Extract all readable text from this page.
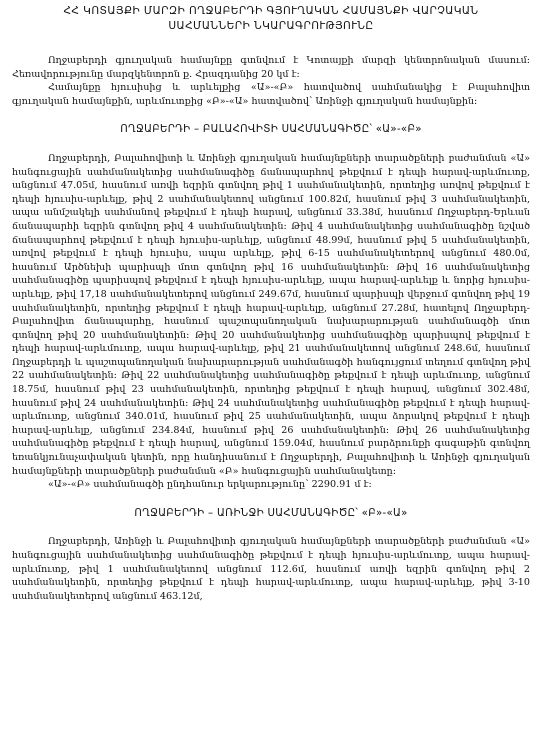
ՀՀ ԿՈՏԱՅՔԻ ՄԱՐԶԻ ՈՂՋԱԲԵՐԴԻ ԳՅՈՒՂԱԿԱՆ ՀԱՄԱՅՆՔԻ ՎԱՐՉԱԿԱՆ
ՍԱՀՄԱՆՆԵՐԻ ՆԿԱՐԱԳՐՈՒԹՅՈՒՆԸ

Ողջաբերդի գյուղական համայնքը գտնվում է Կոտայքի մարզի կենտրոնական մասում: Հեռավորությունը մարզկենտրոն ք. Հրազդանից 20 կմ է:

Համայնքը հյուսիսից և արևելքից «Ա»-«Բ» հատվածով սահմանակից է Բալահովիտ գյուղական համայնքին, արևմուտքից «Բ»-«Ա» հատվածով՝ Առինջի գյուղական համայնքին:

ՈՂՋԱԲԵՐԴԻ – ԲԱԼԱՀՈՎԻՏԻ ՍԱՀՄԱՆԱԳԻԾԸ՝ «Ա»-«Բ»

Ողջաբերդի, Բալահովիտի և Առինջի գյուղական համայնքների տարածքների բաժանման «Ա» հանգուցային սահմանակետից սահմանագիծը ճանապարհով թեքվում է դեպի հարավ-արևմուտք, անցնում 47.05մ, հասնում առվի եզրին գտնվող թիվ 1 սահմանակետին, որտեղից առվով թեքվում է դեպի հյուսիս-արևելք, թիվ 2 սահմանակետով անցնում 100.82մ, հասնում թիվ 3 սահմանակետին, ապա անմշակելի սահմանով թեքվում է դեպի հարավ, անցնում 33.38մ, հասնում Ողջաբերդ-Երևան ճանապարհի եզրին գտնվող թիվ 4 սահմանակետին: Թիվ 4 սահմանակետից սահմանագիծը նշված ճանապարհով թեքվում է դեպի հյուսիս-արևելք, անցնում 48.99մ, հասնում թիվ 5 սահմանակետին, առվով թեքվում է դեպի հյուսիս, ապա արևելք, թիվ 6-15 սահմանակետերով անցնում 480.0մ, հասնում Արծնեխի պարիսպի մոտ գտնվող թիվ 16 սահմանակետին: Թիվ 16 սահմանակետից սահմանագիծը պարիսպով թեքվում է դեպի հյուսիս-արևելք, ապա հարավ-արևելք և նորից հյուսիս-արևելք, թիվ 17,18 սահմանակետերով անցնում 249.67մ, հասնում պարիսպի վերջում գտնվող թիվ 19 սահմանակետին, որտեղից թեքվում է դեպի հարավ-արևելք, անցնում 27.28մ, հատելով Ողջաբերդ-Բալահովիտ ճանապարհը, հասնում պաշտպանողական նախարարության սահմանագծի մոտ գտնվող թիվ 20 սահմանակետին: Թիվ 20 սահմանակետից սահմանագիծը պարիսպով թեքվում է դեպի հարավ-արևմուտք, ապա հարավ-արևելք, թիվ 21 սահմանակետով անցնում 248.6մ, հասնում Ողջաբերդի և պաշտպանողական նախարարության սահմանագծի հանգույցում տեղում գտնվող թիվ 22 սահմանակետին: Թիվ 22 սահմանակետից սահմանագիծը թեքվում է դեպի արևմուտք, անցնում 18.75մ, հասնում թիվ 23 սահմանակետին, որտեղից թեքվում է դեպի հարավ, անցնում 302.48մ, հասնում թիվ 24 սահմանակետին: Թիվ 24 սահմանակետից սահմանագիծը թեքվում է դեպի հարավ-արևմուտք, անցնում 340.01մ, հասնում թիվ 25 սահմանակետին, ապա ձորակով թեքվում է դեպի հարավ-արևելք, անցնում 234.84մ, հասնում թիվ 26 սահմանակետին: Թիվ 26 սահմանակետից սահմանագիծը թեքվում է դեպի հարավ, անցնում 159.04մ, հասնում բարձրունքի գագաթին գտնվող եռանկյունաչափական կետին, որը հանդիսանում է Ողջաբերդի, Բալահովիտի և Առինջի գյուղական համայնքների տարածքների բաժանման «Բ» հանգուցային սահմանակետը:

«Ա»-«Բ» սահմանագծի ընդհանուր երկարությունը՝ 2290.91 մ է:

ՈՂՋԱԲԵՐԴԻ – ԱՌԻՆՋԻ ՍԱՀՄԱՆԱԳԻԾԸ՝ «Բ»-«Ա»

Ողջաբերդի, Առինջի և Բալահովիտի գյուղական համայնքների տարածքների բաժանման «Ա» հանգուցային սահմանակետից սահմանագիծը թեքվում է դեպի հյուսիս-արևմուտք, ապա հարավ-արևմուտք, թիվ 1 սահմանակետով անցնում 112.6մ, հասնում առվի եզրին գտնվող թիվ 2 սահմանակետին, որտեղից թեքվում է դեպի հարավ-արևմուտք, ապա հարավ-արևելք, թիվ 3-10 սահմանակետերով անցնում 463.12մ,
